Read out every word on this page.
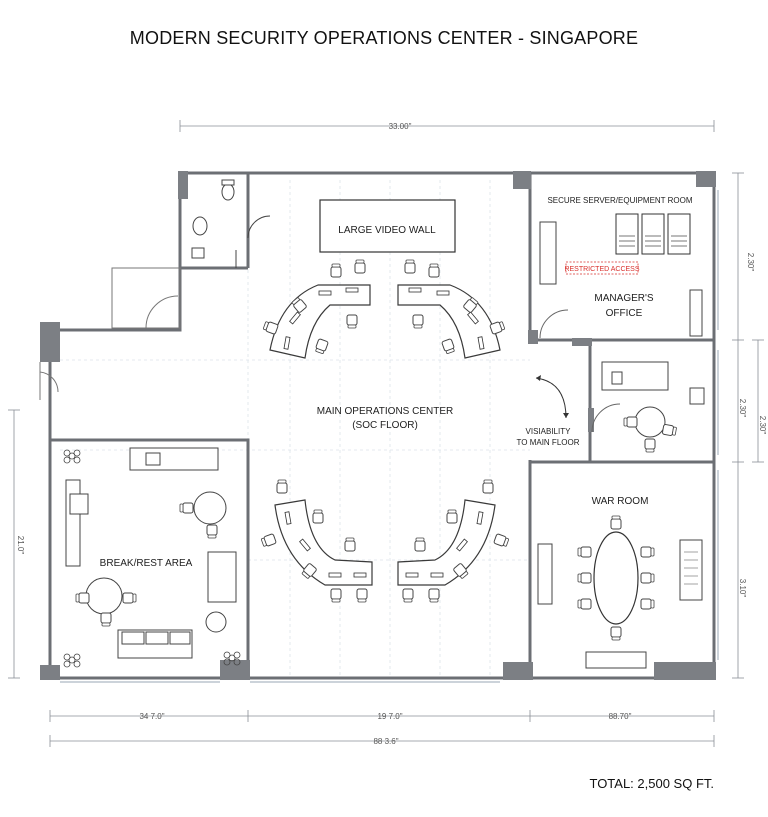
MODERN SECURITY OPERATIONS CENTER - SINGAPORE
LARGE VIDEO WALL
MAIN OPERATIONS CENTER
(SOC FLOOR)
SECURE SERVER/EQUIPMENT ROOM
RESTRICTED ACCESS
MANAGER'S
OFFICE
VISIABILITY
TO MAIN FLOOR
WAR ROOM
BREAK/REST AREA
33.00"
2.30"
2.30"
2.30"
3.10"
21.0"
34 7.0"	19 7.0"	88.70"
88 3.6"
TOTAL: 2,500 SQ FT.
